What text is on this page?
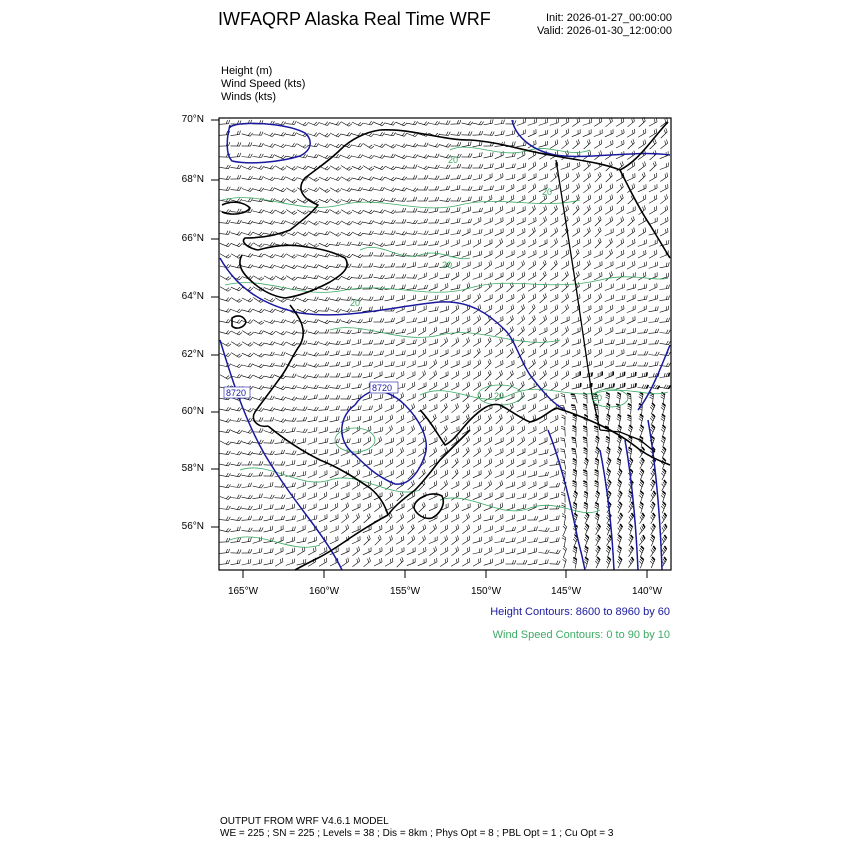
IWFAQRP Alaska Real Time WRF	Init: 2026-01-27_00:00:00
Valid: 2026-01-30_12:00:00
Height (m)
Wind Speed (kts)
Winds (kts)
8720	8720
20
20
20
20
20	20
70°N
68°N
66°N
64°N
62°N
60°N
58°N
56°N
165°W	160°W	155°W	150°W	145°W	140°W
Height Contours: 8600 to 8960 by 60
Wind Speed Contours: 0 to 90 by 10
OUTPUT FROM WRF V4.6.1 MODEL
WE = 225 ; SN = 225 ; Levels = 38 ; Dis = 8km ; Phys Opt = 8 ; PBL Opt = 1 ; Cu Opt = 3
